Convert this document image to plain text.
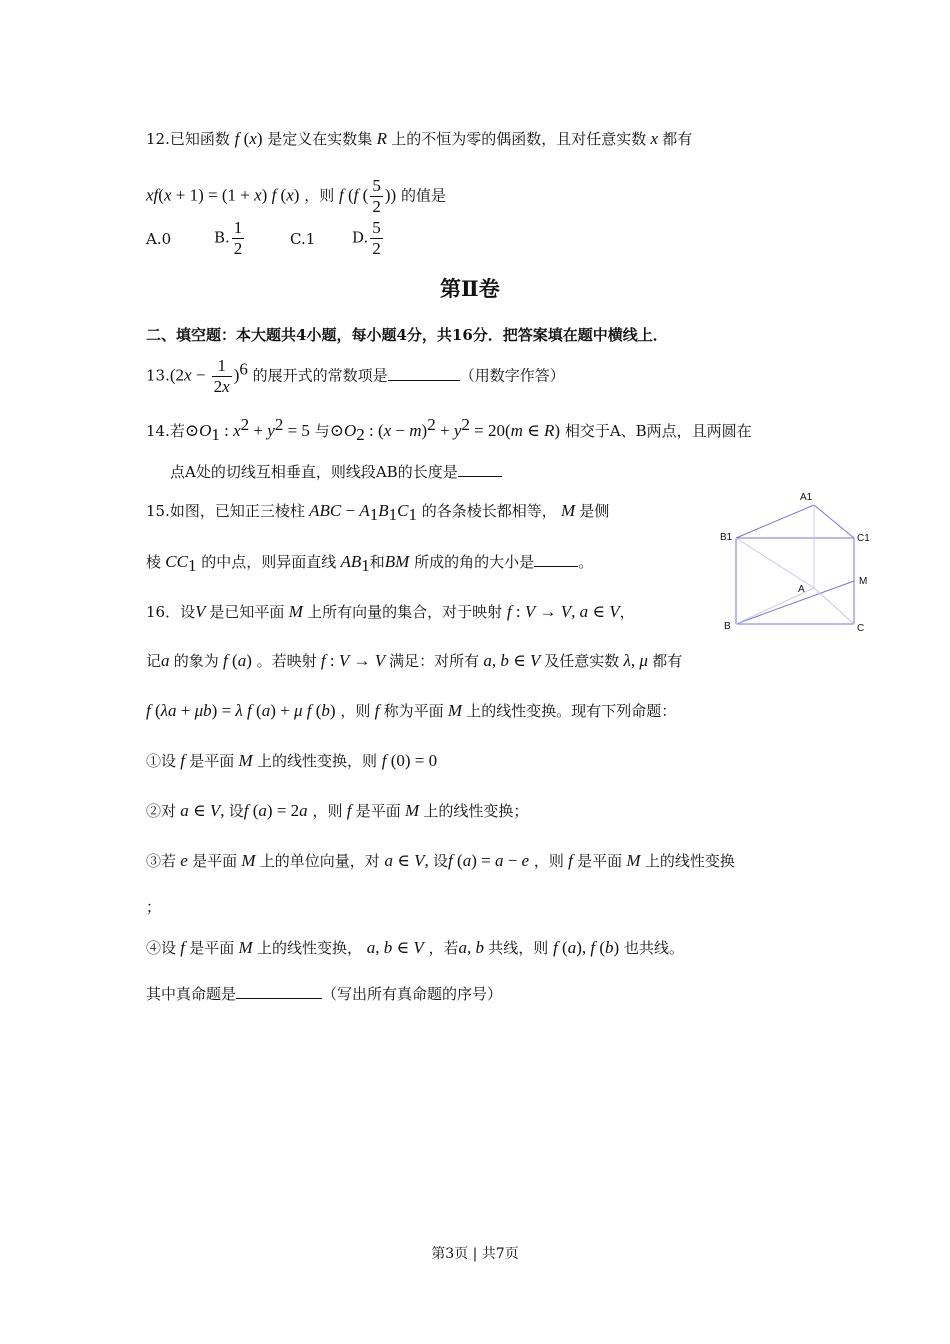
12.已知函数 f (x) 是定义在实数集 R 上的不恒为零的偶函数，且对任意实数 x 都有
xf(x + 1) = (1 + x) f (x) ，则 f (f ( $\frac{5}{2}$ )) 的值是
A.0	B. $\frac{1}{2}$	C.1 D. $\frac{5}{2}$
第Ⅱ卷
二、填空题：本大题共4小题，每小题4分，共16分．把答案填在题中横线上．
$13.(2x - \frac{1}{2x} )^6$ 的展开式的常数项是	（用数字作答）
14.若$⊙O_1$ : $x^2 + y^2 = 5$ 与$⊙O_2$ : $(x - m)^2 + y^2 = 20(m$ ∈ R) 相交于A、B两点，且两圆在
点A处的切线互相垂直，则线段AB的长度是
15.如图，已知正三棱柱 ABC − $A_1B_1C_1$ 的各条棱长都相等， M 是侧
棱 $CC_1$ 的中点，则异面直线 $AB_1$和BM 所成的角的大小是	。
A1
B1	C1
A
M
B	C
16．设V 是已知平面 M 上所有向量的集合，对于映射 f : V → V, a ∈ V，
记a 的象为 f (a) 。若映射 f : V → V 满足：对所有 a, b ∈ V 及任意实数 λ, μ 都有
f (λa + μb) = λ f (a) + μ f (b) ，则 f 称为平面 M 上的线性变换。现有下列命题：
①设 f 是平面 M 上的线性变换，则 f (0) = 0
②对 a ∈ V, 设f (a) = 2a ，则 f 是平面 M 上的线性变换；
③若 e 是平面 M 上的单位向量，对 a ∈ V, 设f (a) = a − e ，则 f 是平面 M 上的线性变换
；
④设 f 是平面 M 上的线性变换， a, b ∈ V ，若a, b 共线，则 f (a), f (b) 也共线。
其中真命题是	（写出所有真命题的序号）
第3页 | 共7页
